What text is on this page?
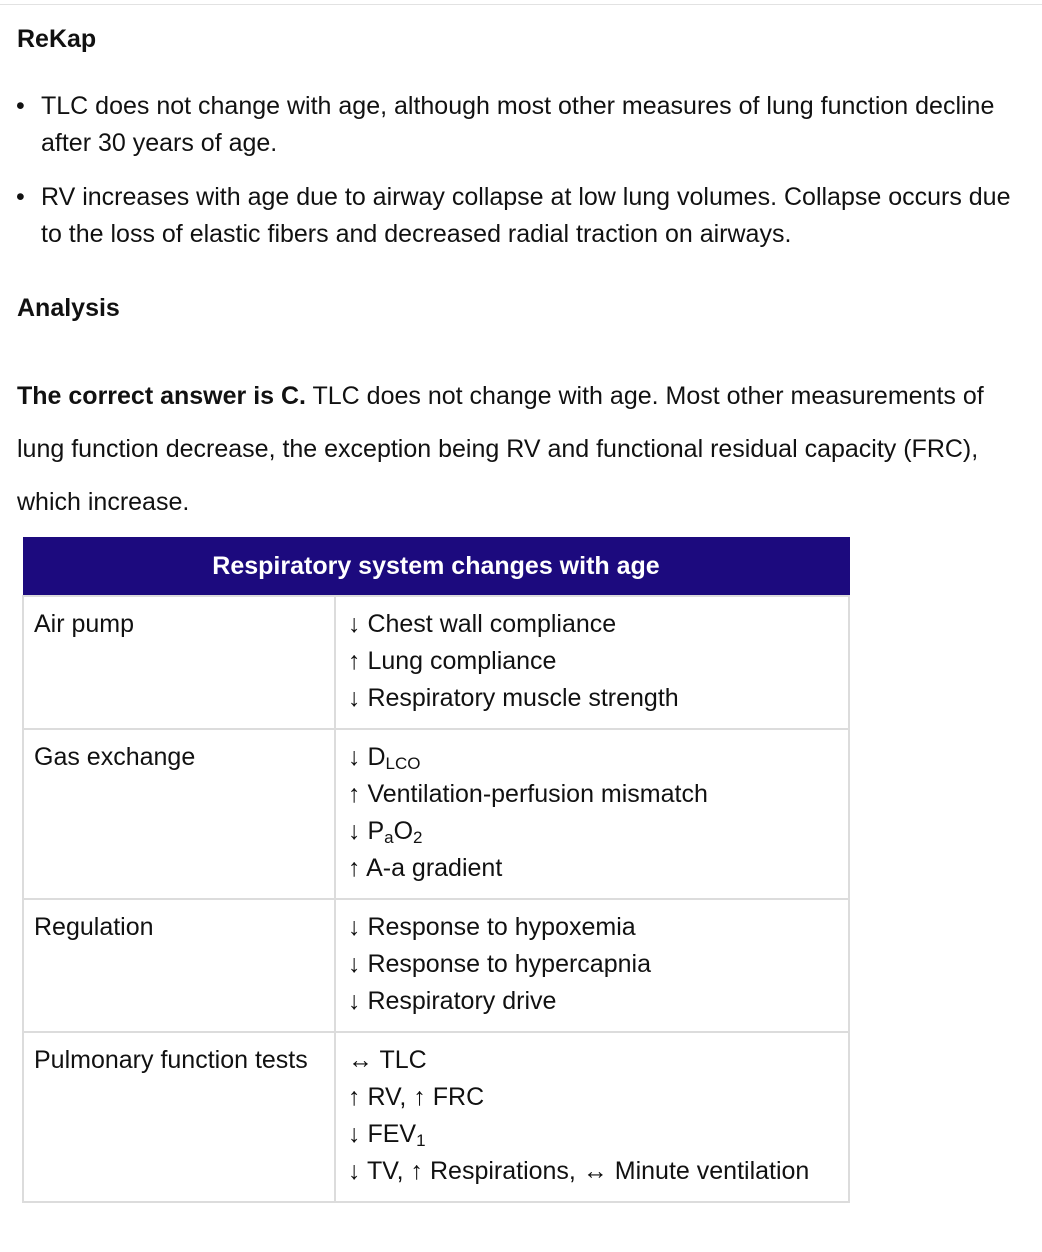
ReKap
• TLC does not change with age, although most other measures of lung function decline after 30 years of age.
• RV increases with age due to airway collapse at low lung volumes. Collapse occurs due to the loss of elastic fibers and decreased radial traction on airways.
Analysis

The correct answer is C. TLC does not change with age. Most other measurements of lung function decrease, the exception being RV and functional residual capacity (FRC), which increase.

Respiratory system changes with age	
Air pump	↓ Chest wall compliance
↑ Lung compliance
↓ Respiratory muscle strength

Gas exchange	↓ $D_{LCO}$
↑ Ventilation-perfusion mismatch
↓ $P_aO_2$
↑ A-a gradient

Regulation	↓ Response to hypoxemia
↓ Response to hypercapnia
↓ Respiratory drive

Pulmonary function tests	↔ TLC
↑ RV, ↑ FRC
↓ $FEV_1$
↓ TV, ↑ Respirations, ↔ Minute ventilation
